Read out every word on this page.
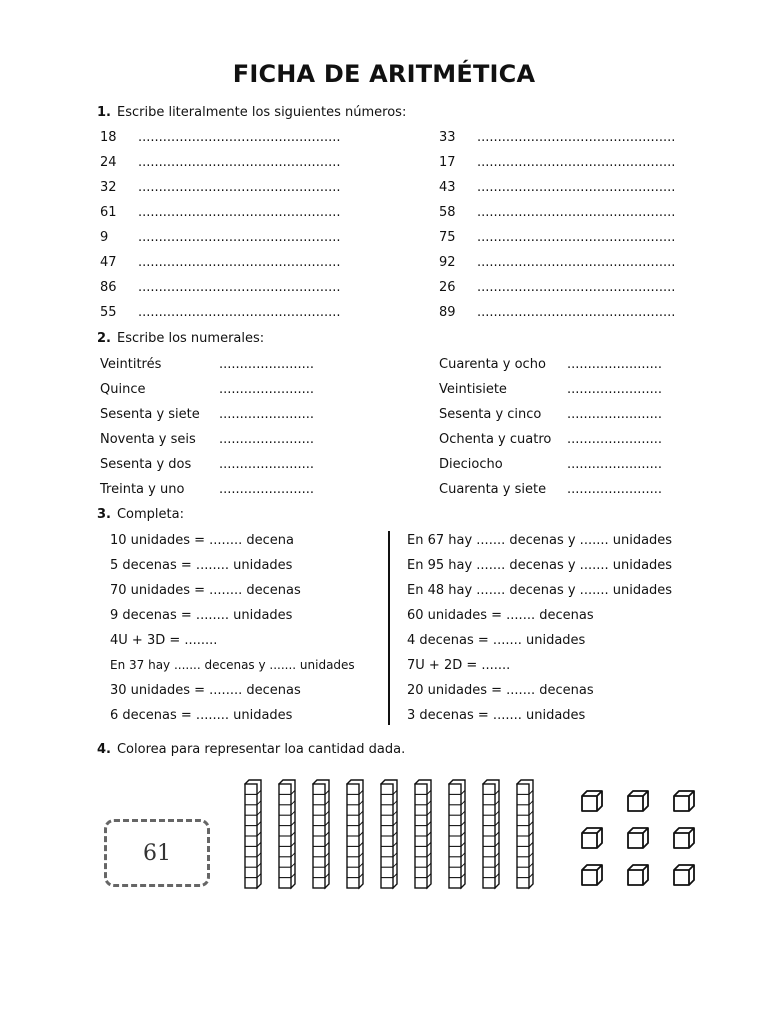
FICHA DE ARITMÉTICA
1. Escribe literalmente los siguientes números:
18 .................................................	33 ................................................
24 .................................................	17 ................................................
32 .................................................	43 ................................................
61 .................................................	58 ................................................
9 .................................................	75 ................................................
47 .................................................	92 ................................................
86 .................................................	26 ................................................
55 .................................................	89 ................................................
2. Escribe los numerales:
Veintitrés	.......................	Cuarenta y ocho .......................
Quince	.......................	Veintisiete	.......................
Sesenta y siete .......................	Sesenta y cinco .......................
Noventa y seis .......................	Ochenta y cuatro .......................
Sesenta y dos .......................	Dieciocho	.......................
Treinta y uno	.......................	Cuarenta y siete .......................
3. Completa:
10 unidades = ........ decena	En 67 hay ....... decenas y ....... unidades
5 decenas = ........ unidades	En 95 hay ....... decenas y ....... unidades
70 unidades = ........ decenas	En 48 hay ....... decenas y ....... unidades
9 decenas = ........ unidades	60 unidades = ....... decenas
4U + 3D = ........	4 decenas = ....... unidades
En 37 hay ....... decenas y ....... unidades	7U + 2D = .......
30 unidades = ........ decenas	20 unidades = ....... decenas
6 decenas = ........ unidades	3 decenas = ....... unidades
4. Colorea para representar loa cantidad dada.
61
